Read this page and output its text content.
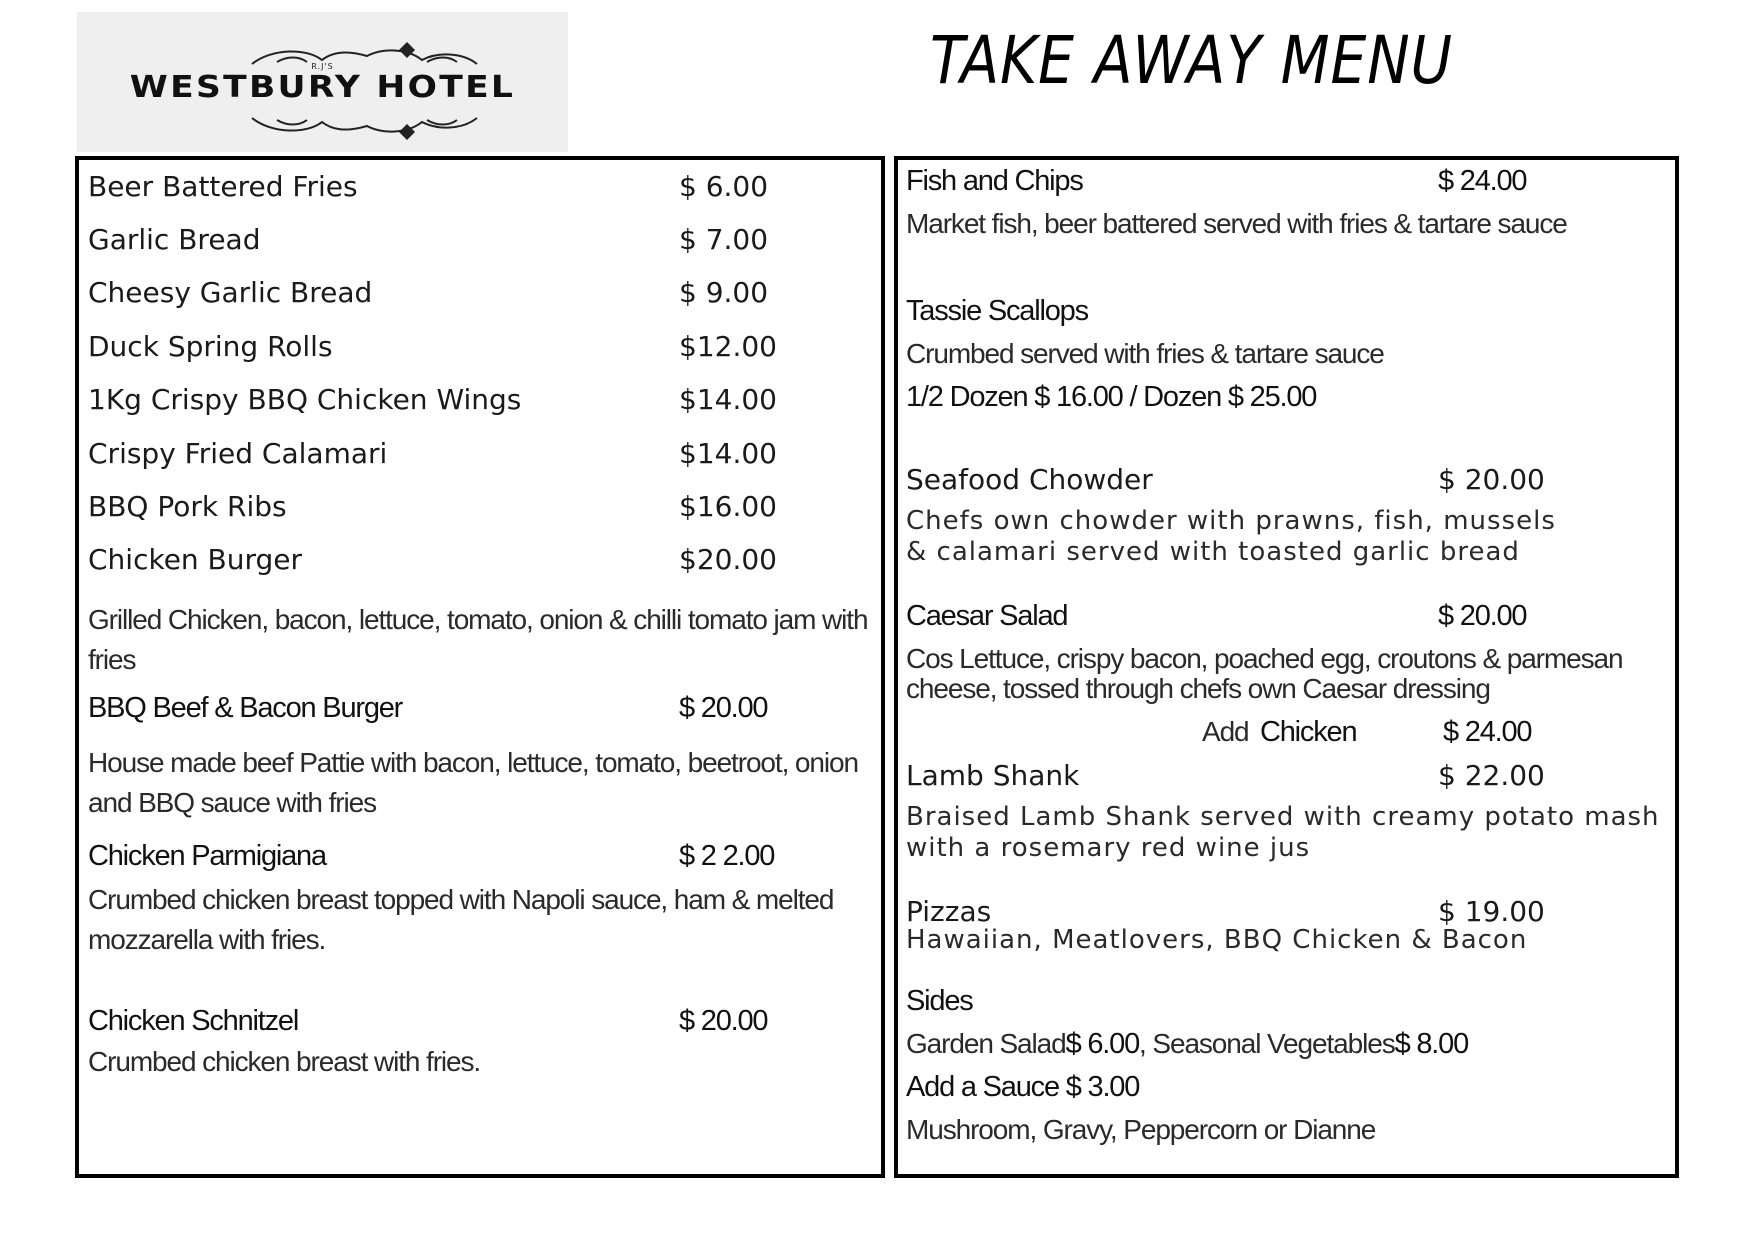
R.J'S
WESTBURY HOTEL	TAKE AWAY MENU
Beer Battered Fries	$ 6.00
Garlic Bread	$ 7.00
Cheesy Garlic Bread	$ 9.00
Duck Spring Rolls	$12.00
1Kg Crispy BBQ Chicken Wings	$14.00
Crispy Fried Calamari	$14.00
BBQ Pork Ribs	$16.00
Chicken Burger	$20.00
Grilled Chicken, bacon, lettuce, tomato, onion & chilli tomato jam with fries
BBQ Beef & Bacon Burger	$ 20.00
House made beef Pattie with bacon, lettuce, tomato, beetroot, onion and BBQ sauce with fries
Chicken Parmigiana	$ 2 2.00
Crumbed chicken breast topped with Napoli sauce, ham & melted mozzarella with fries.
Chicken Schnitzel	$ 20.00
Crumbed chicken breast with fries.
Fish and Chips	$ 24.00
Market fish, beer battered served with fries & tartare sauce
Tassie Scallops
Crumbed served with fries & tartare sauce
1/2 Dozen $ 16.00 / Dozen $ 25.00
Seafood Chowder	$ 20.00
Chefs own chowder with prawns, fish, mussels
& calamari served with toasted garlic bread
Caesar Salad	$ 20.00
Cos Lettuce, crispy bacon, poached egg, croutons & parmesan
cheese, tossed through chefs own Caesar dressing
Add Chicken	$ 24.00
Lamb Shank	$ 22.00
Braised Lamb Shank served with creamy potato mash
with a rosemary red wine jus
Pizzas	$ 19.00
Hawaiian, Meatlovers, BBQ Chicken & Bacon
Sides
Garden Salad$ 6.00, Seasonal Vegetables$ 8.00
Add a Sauce $ 3.00
Mushroom, Gravy, Peppercorn or Dianne
